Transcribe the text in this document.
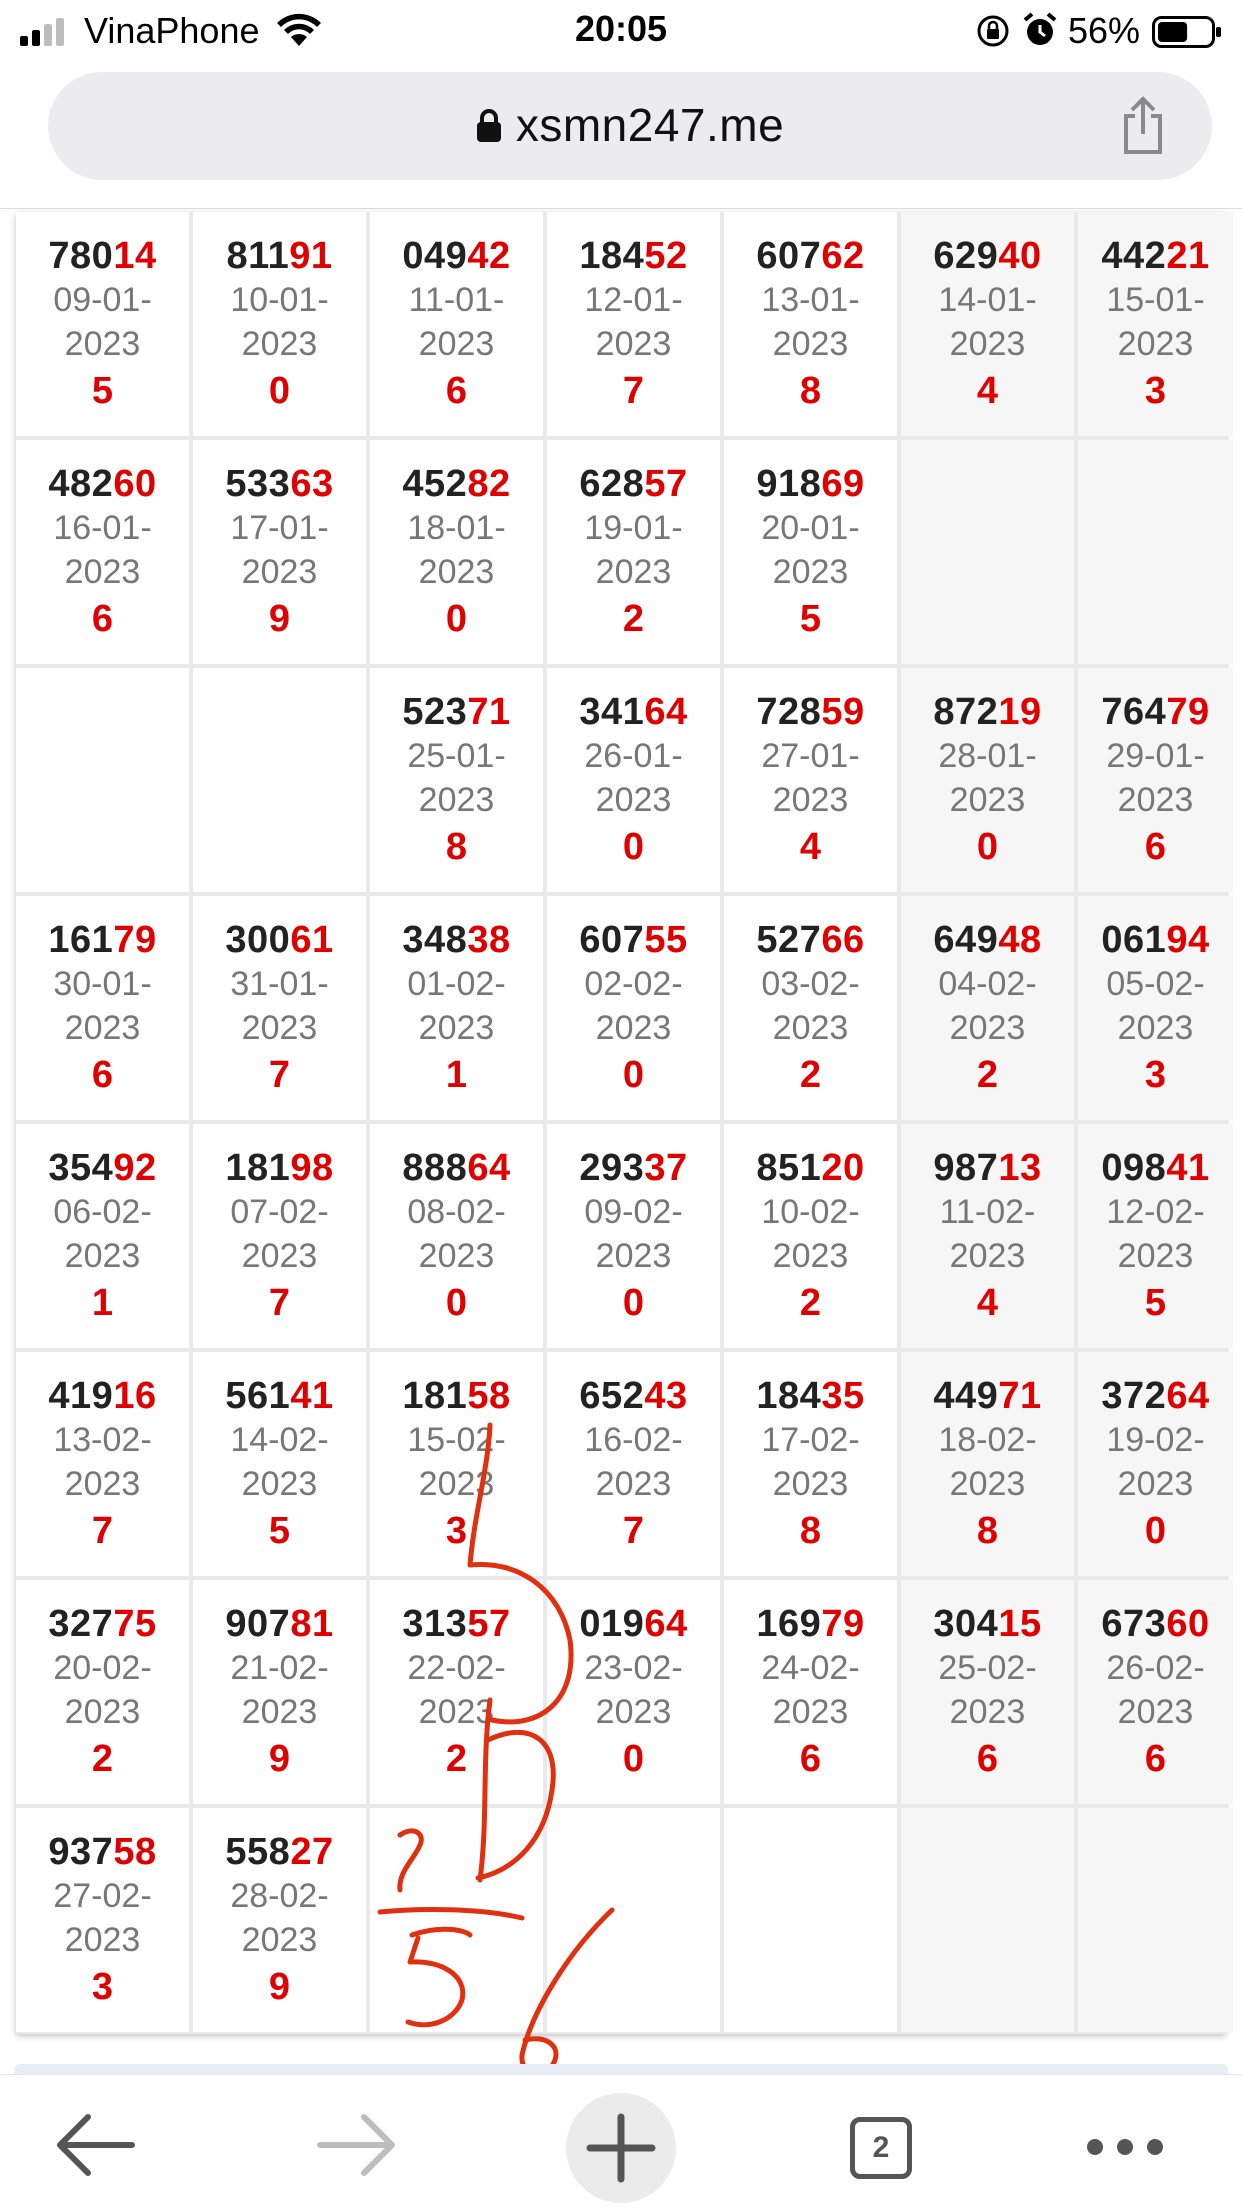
VinaPhone	20:05	56%
xsmn247.me
78014
09-01-
2023
5
81191
10-01-
2023
0
04942
11-01-
2023
6
18452
12-01-
2023
7
60762
13-01-
2023
8
62940
14-01-
2023
4
44221
15-01-
2023
3
48260
16-01-
2023
6
53363
17-01-
2023
9
45282
18-01-
2023
0
62857
19-01-
2023
2
91869
20-01-
2023
5
52371
25-01-
2023
8
34164
26-01-
2023
0
72859
27-01-
2023
4
87219
28-01-
2023
0
76479
29-01-
2023
6
16179
30-01-
2023
6
30061
31-01-
2023
7
34838
01-02-
2023
1
60755
02-02-
2023
0
52766
03-02-
2023
2
64948
04-02-
2023
2
06194
05-02-
2023
3
35492
06-02-
2023
1
18198
07-02-
2023
7
88864
08-02-
2023
0
29337
09-02-
2023
0
85120
10-02-
2023
2
98713
11-02-
2023
4
09841
12-02-
2023
5
41916
13-02-
2023
7
56141
14-02-
2023
5
18158
15-02-
2023
3
65243
16-02-
2023
7
18435
17-02-
2023
8
44971
18-02-
2023
8
37264
19-02-
2023
0
32775
20-02-
2023
2
90781
21-02-
2023
9
31357
22-02-
2023
2
01964
23-02-
2023
0
16979
24-02-
2023
6
30415
25-02-
2023
6
67360
26-02-
2023
6
93758
27-02-
2023
3
55827
28-02-
2023
9
2
